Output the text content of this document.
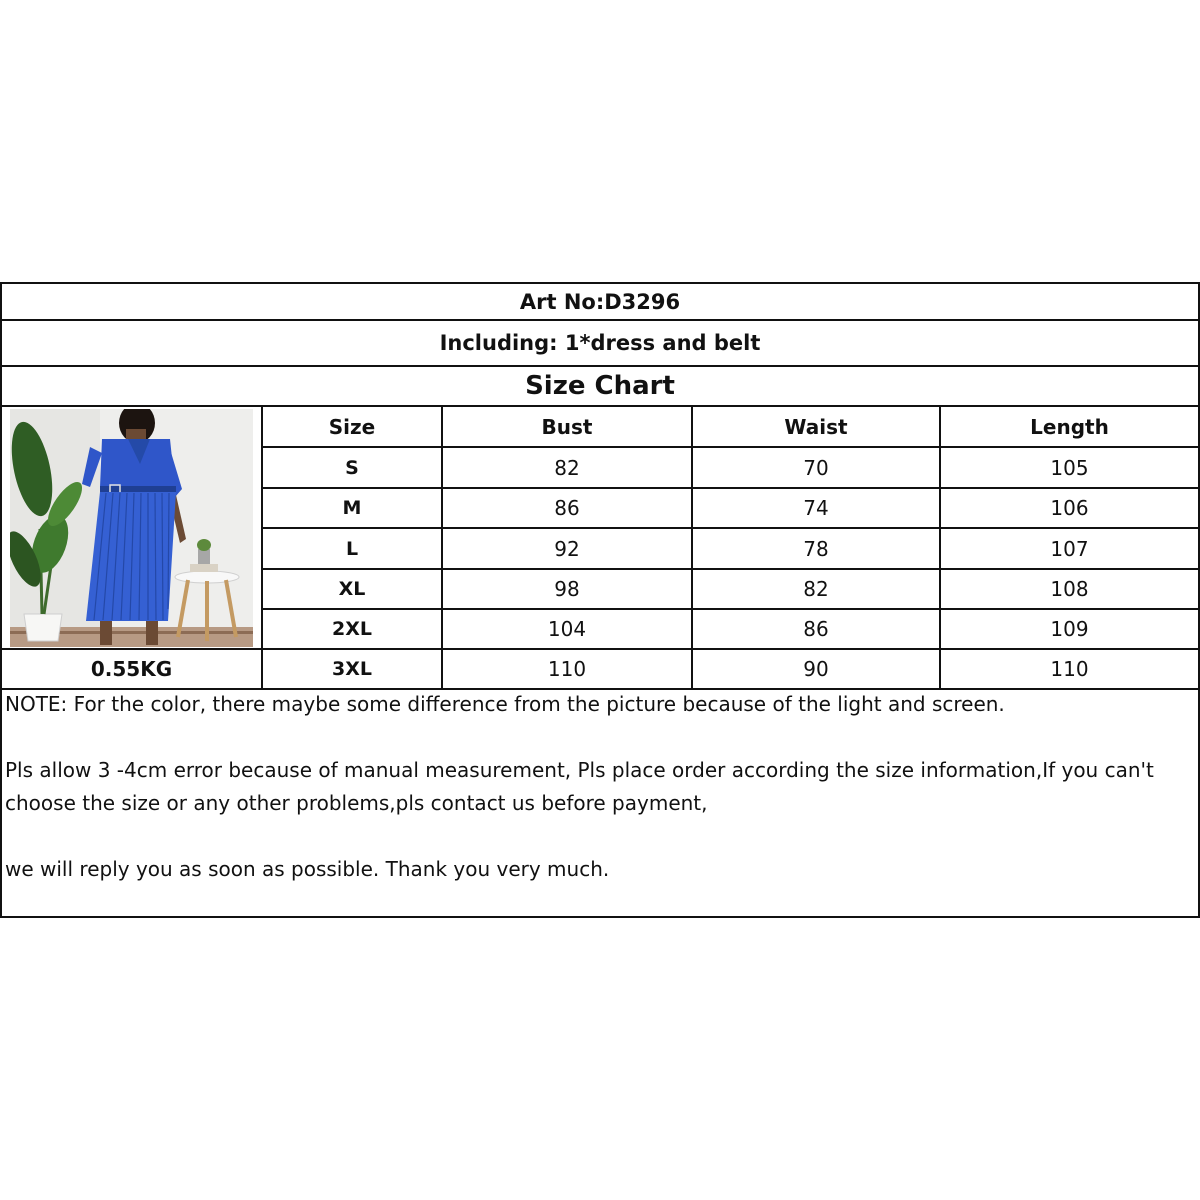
Art No:D3296
Including: 1*dress and belt
Size Chart
Size	Bust	Waist	Length
S	82	70	105
M	86	74	106
L	92	78	107
XL	98	82	108
2XL	104	86	109
0.55KG	3XL	110	90	110

NOTE: For the color, there maybe some difference from the picture because of the light and screen.

Pls allow 3 -4cm error because of manual measurement, Pls place order according the size information,If you can't

choose the size or any other problems,pls contact us before payment,

we will reply you as soon as possible. Thank you very much.
